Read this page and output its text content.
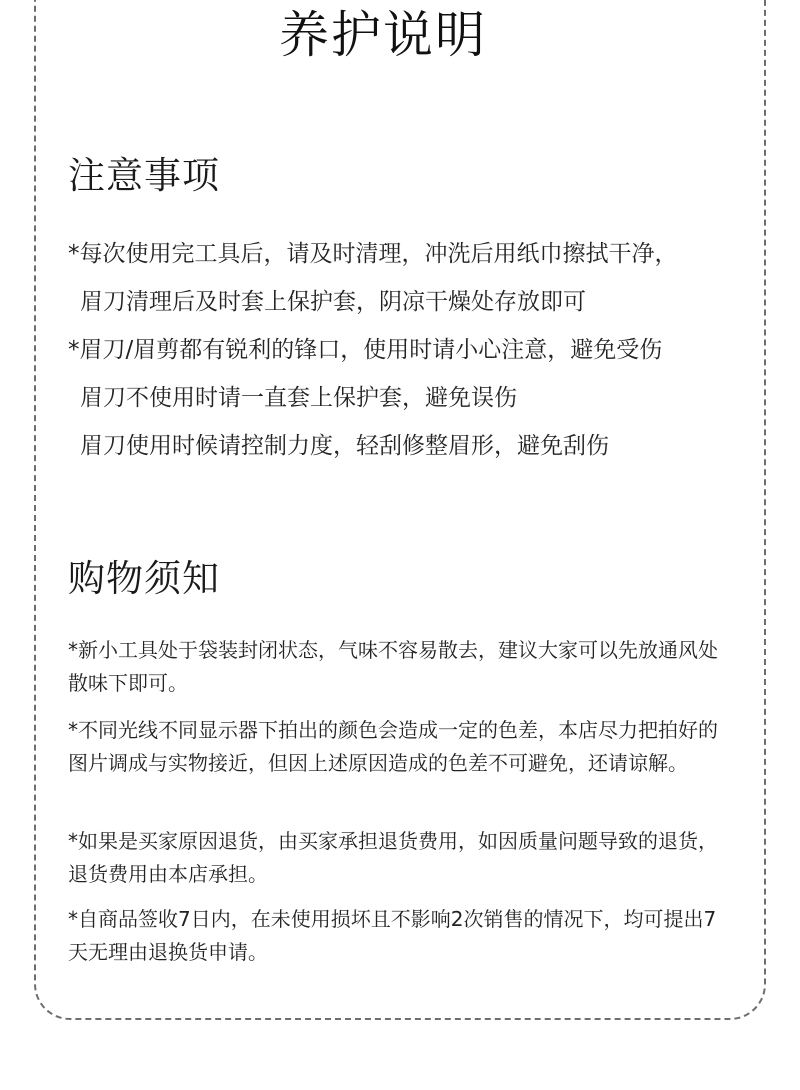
养护说明
注意事项
*每次使用完工具后，请及时清理，冲洗后用纸巾擦拭干净，
眉刀清理后及时套上保护套，阴凉干燥处存放即可
*眉刀/眉剪都有锐利的锋口，使用时请小心注意，避免受伤
眉刀不使用时请一直套上保护套，避免误伤
眉刀使用时候请控制力度，轻刮修整眉形，避免刮伤
购物须知
*新小工具处于袋装封闭状态，气味不容易散去，建议大家可以先放通风处散味下即可。
*不同光线不同显示器下拍出的颜色会造成一定的色差，本店尽力把拍好的图片调成与实物接近，但因上述原因造成的色差不可避免，还请谅解。
*如果是买家原因退货，由买家承担退货费用，如因质量问题导致的退货，退货费用由本店承担。
*自商品签收7日内，在未使用损坏且不影响2次销售的情况下，均可提出7天无理由退换货申请。
